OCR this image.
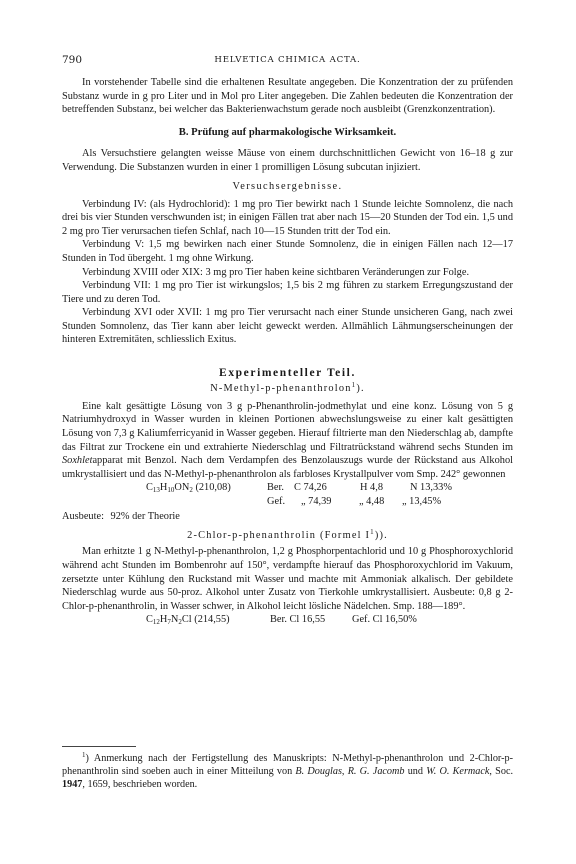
790	HELVETICA CHIMICA ACTA.

In vorstehender Tabelle sind die erhaltenen Resultate angegeben. Die Konzentration der zu prüfenden Substanz wurde in g pro Liter und in Mol pro Liter angegeben. Die Zahlen bedeuten die Konzentration der betreffenden Substanz, bei welcher das Bakterienwachstum gerade noch ausbleibt (Grenzkonzentration).

B. Prüfung auf pharmakologische Wirksamkeit.

Als Versuchstiere gelangten weisse Mäuse von einem durchschnittlichen Gewicht von 16–18 g zur Verwendung. Die Substanzen wurden in einer 1 promilligen Lösung subcutan injiziert.

Versuchsergebnisse.

Verbindung IV: (als Hydrochlorid): 1 mg pro Tier bewirkt nach 1 Stunde leichte Somnolenz, die nach drei bis vier Stunden verschwunden ist; in einigen Fällen trat aber nach 15—20 Stunden der Tod ein. 1,5 und 2 mg pro Tier verursachen tiefen Schlaf, nach 10—15 Stunden tritt der Tod ein.

Verbindung V: 1,5 mg bewirken nach einer Stunde Somnolenz, die in einigen Fällen nach 12—17 Stunden in Tod übergeht. 1 mg ohne Wirkung.

Verbindung XVIII oder XIX: 3 mg pro Tier haben keine sichtbaren Veränderungen zur Folge.

Verbindung VII: 1 mg pro Tier ist wirkungslos; 1,5 bis 2 mg führen zu starkem Erregungszustand der Tiere und zu deren Tod.

Verbindung XVI oder XVII: 1 mg pro Tier verursacht nach einer Stunde unsicheren Gang, nach zwei Stunden Somnolenz, das Tier kann aber leicht geweckt werden. Allmählich Lähmungserscheinungen der hinteren Extremitäten, schliesslich Exitus.

Experimenteller Teil.
N-Methyl-p-phenanthrolon$^1$).

Eine kalt gesättigte Lösung von 3 g p-Phenanthrolin-jodmethylat und eine konz. Lösung von 5 g Natriumhydroxyd in Wasser wurden in kleinen Portionen abwechslungsweise zu einer kalt gesättigten Lösung von 7,3 g Kaliumferricyanid in Wasser gegeben. Hierauf filtrierte man den Niederschlag ab, dampfte das Filtrat zur Trockene ein und extrahierte Niederschlag und Filtratrückstand während sechs Stunden im Soxhletapparat mit Benzol. Nach dem Verdampfen des Benzolauszugs wurde der Rückstand aus Alkohol umkrystallisiert und das N-Methyl-p-phenanthrolon als farbloses Krystallpulver vom Smp. 242° gewonnen

$C_{13}H_{10}ON_2$ (210,08)	Ber. C 74,26	H 4,8	N 13,33%
Gef. „ 74,39	„ 4,48 „ 13,45%

Ausbeute: 92% der Theorie

2-Chlor-p-phenanthrolin (Formel $I^1$)).

Man erhitzte 1 g N-Methyl-p-phenanthrolon, 1,2 g Phosphorpentachlorid und 10 g Phosphoroxychlorid während acht Stunden im Bombenrohr auf 150°, verdampfte hierauf das Phosphoroxychlorid im Vakuum, zersetzte unter Kühlung den Ruckstand mit Wasser und machte mit Ammoniak alkalisch. Der gebildete Niederschlag wurde aus 50-proz. Alkohol unter Zusatz von Tierkohle umkrystallisiert. Ausbeute: 0,8 g 2-Chlor-p-phenanthrolin, in Wasser schwer, in Alkohol leicht lösliche Nädelchen. Smp. 188—189°.

$C_{12}H_7N_2Cl$ (214,55)	Ber. Cl 16,55	Gef. Cl 16,50%
$^1$) Anmerkung nach der Fertigstellung des Manuskripts: N-Methyl-p-phenanthrolon und 2-Chlor-p-phenanthrolin sind soeben auch in einer Mitteilung von B. Douglas, R. G. Jacomb und W. O. Kermack, Soc. 1947, 1659, beschrieben worden.
